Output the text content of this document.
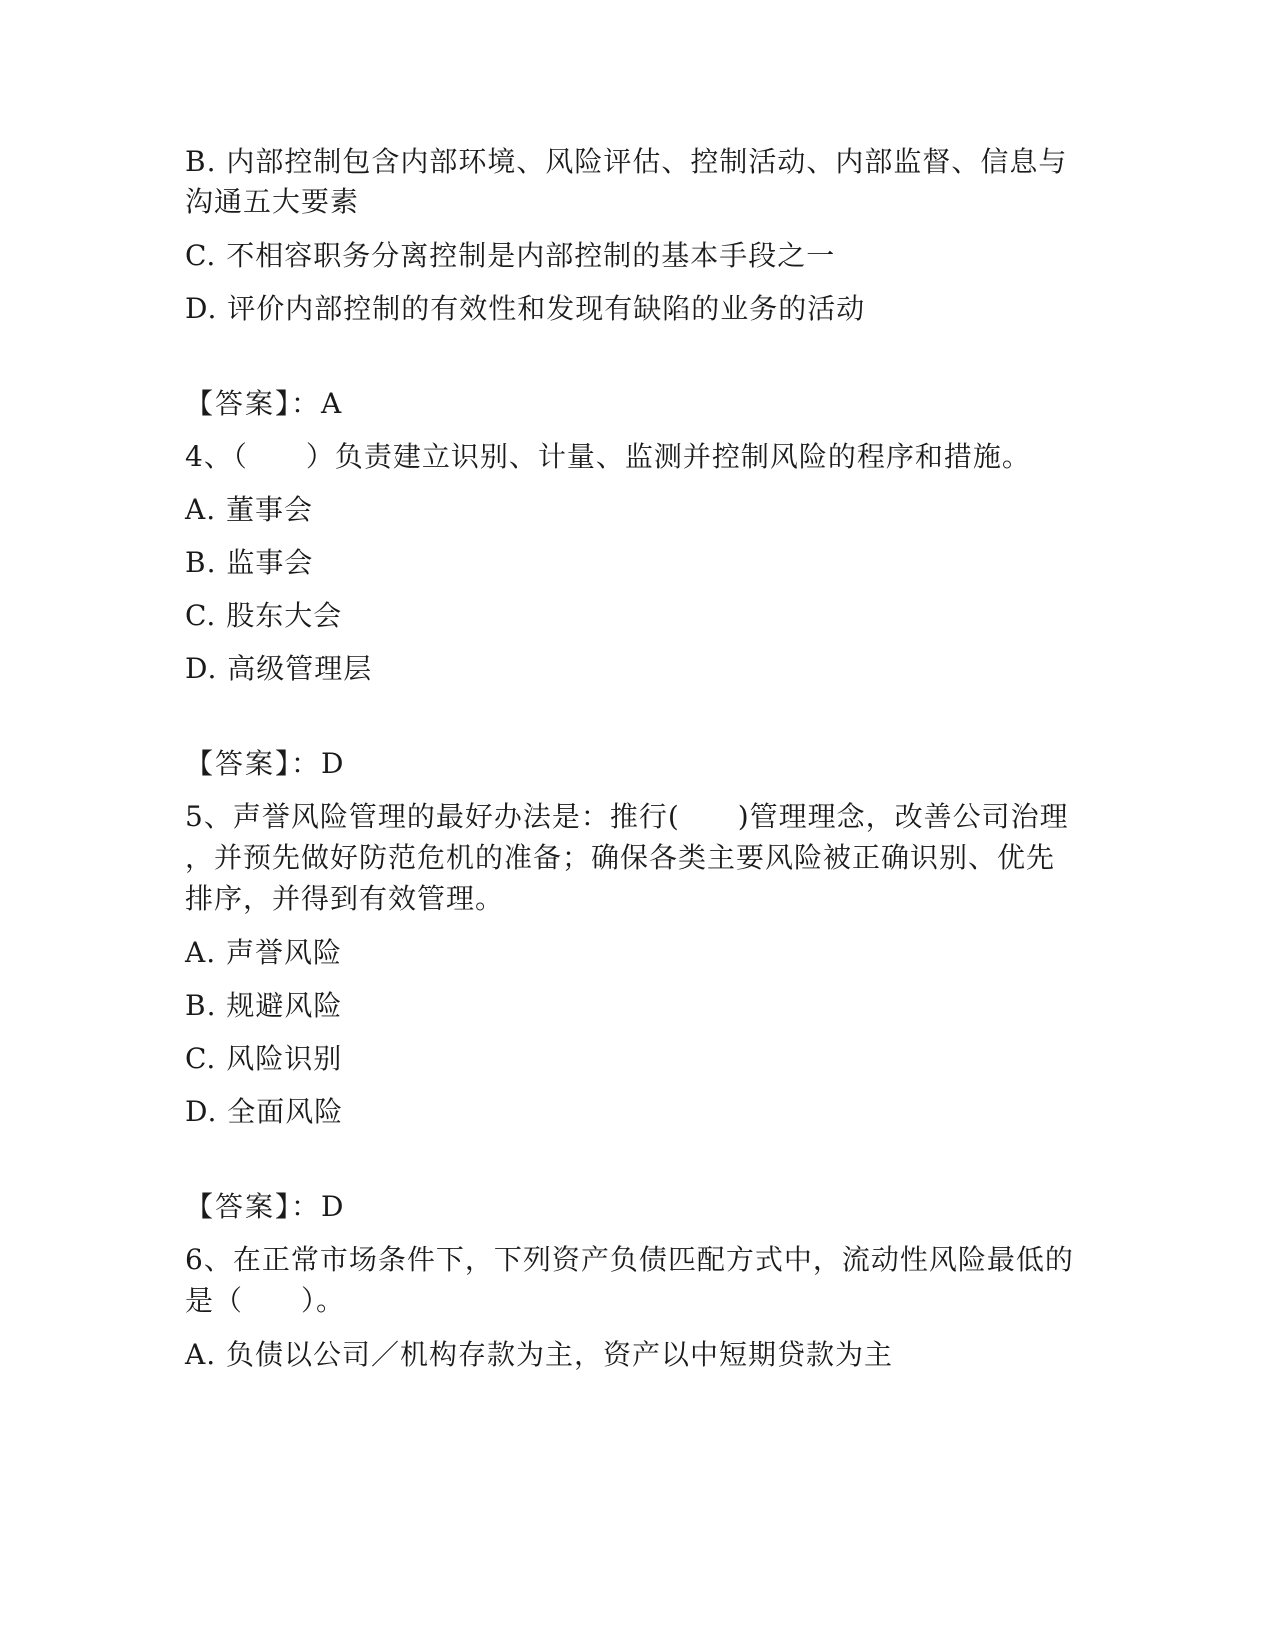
B. 内部控制包含内部环境、风险评估、控制活动、内部监督、信息与
沟通五大要素
C. 不相容职务分离控制是内部控制的基本手段之一
D. 评价内部控制的有效性和发现有缺陷的业务的活动
【答案】：A
4、（　　）负责建立识别、计量、监测并控制风险的程序和措施。
A. 董事会
B. 监事会
C. 股东大会
D. 高级管理层
【答案】：D
5、声誉风险管理的最好办法是：推行(　　)管理理念，改善公司治理
，并预先做好防范危机的准备；确保各类主要风险被正确识别、优先
排序，并得到有效管理。
A. 声誉风险
B. 规避风险
C. 风险识别
D. 全面风险
【答案】：D
6、在正常市场条件下，下列资产负债匹配方式中，流动性风险最低的
是（　　）。
A. 负债以公司／机构存款为主，资产以中短期贷款为主
